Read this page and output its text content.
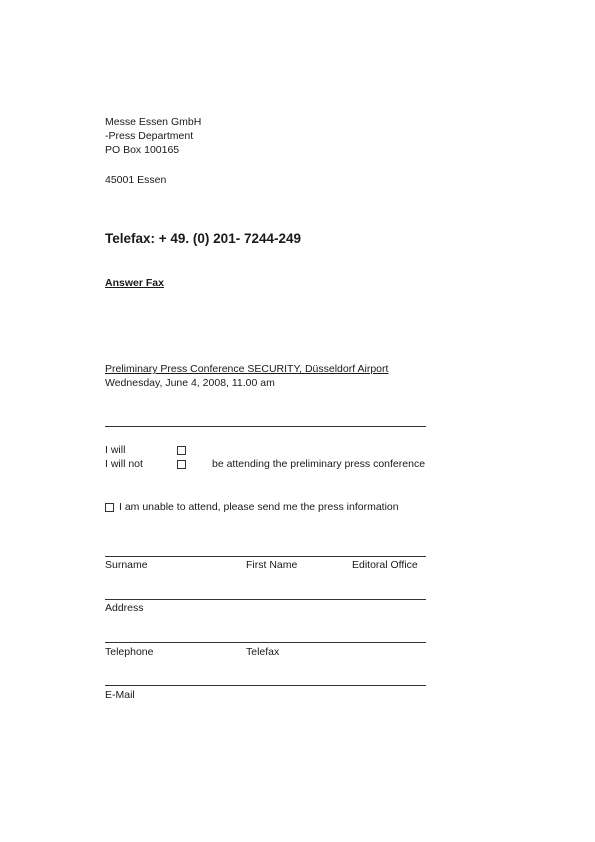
Messe Essen GmbH
-Press Department
PO Box 100165
45001 Essen
Telefax: + 49. (0) 201- 7244-249
Answer Fax
Preliminary Press Conference SECURITY, Düsseldorf Airport
Wednesday, June 4, 2008, 11.00 am
I will
I will not	be attending the preliminary press conference
I am unable to attend, please send me the press information
Surname	First Name	Editoral Office
Address
Telephone	Telefax
E-Mail
